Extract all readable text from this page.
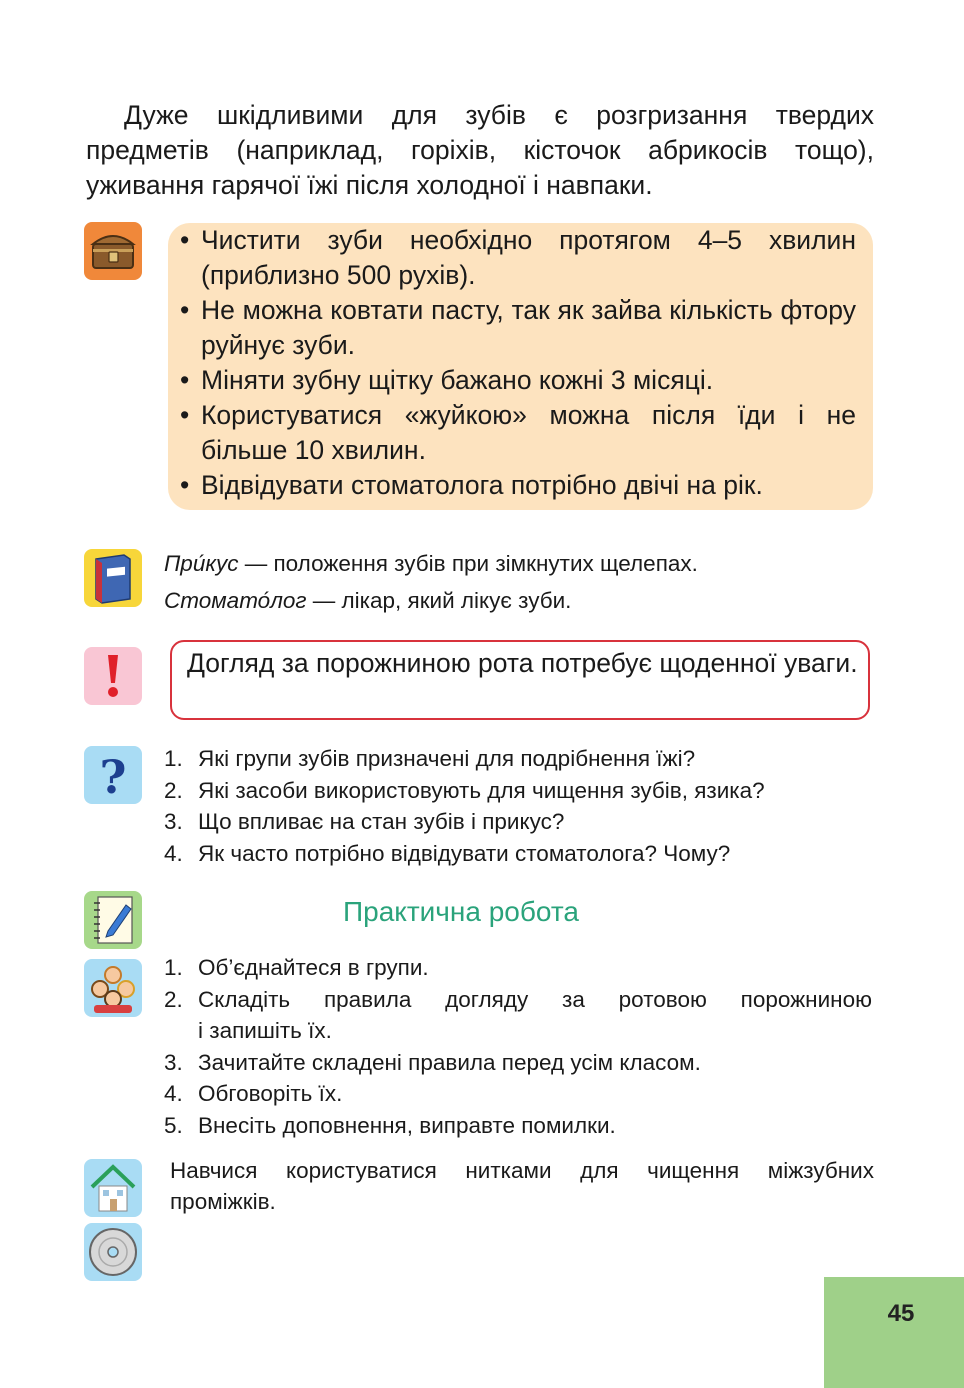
Дуже шкідливими для зубів є розгризання твердих
предметів (наприклад, горіхів, кісточок абрикосів тощо),
уживання гарячої їжі після холодної і навпаки.
• Чистити зуби необхідно протягом 4–5 хвилин (приблизно 500 рухів).
• Не можна ковтати пасту, так як зайва кількість фтору руйнує зуби.
• Міняти зубну щітку бажано кожні 3 місяці.
• Користуватися «жуйкою» можна після їди і не більше 10 хвилин.
• Відвідувати стоматолога потрібно двічі на рік.
При́кус — положення зубів при зімкнутих щелепах.
Стомато́лог — лікар, який лікує зуби.
Догляд за порожниною рота потребує щоденної уваги.
? 1. Які групи зубів призначені для подрібнення їжі?
2. Які засоби використовують для чищення зубів, язика?
3. Що впливає на стан зубів і прикус?
4. Як часто потрібно відвідувати стоматолога? Чому?
Практична робота
1. Об’єднайтеся в групи.
2. Складіть правила догляду за ротовою порожниною
і запишіть їх.
3. Зачитайте складені правила перед усім класом.
4. Обговоріть їх.
5. Внесіть доповнення, виправте помилки.
Навчися користуватися нитками для чищення міжзубних
проміжків.
45
